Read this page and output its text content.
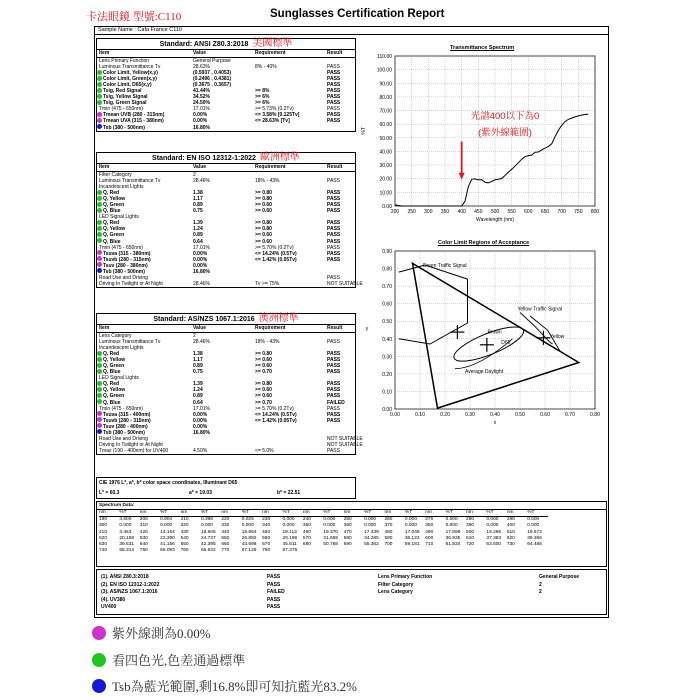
卡法眼鏡 型號:C110	Sunglasses Certification Report
Sample Name : Cafa France C110
Standard: ANSI Z80.3:2018 美國標準
Item	Value	Requirement	Result
Lens Primary Function	General Purpose
Luminous Transmittance Tv	28.63%	8% - 40%	PASS
Color Limit, Yellow(x,y)	(0.5937 , 0.4053)	PASS
Color Limit, Green(x,y)	(0.2496 , 0.4381)	PASS
Color Limit, D65(x,y)	(0.3675 , 0.3657)	PASS
Tsig, Red Signal	41.44%	>= 8%	PASS
Tsig, Yellow Signal	34.52%	>= 6%	PASS
Tsig, Green Signal	24.50%	>= 6%	PASS
Tmin (475 - 650nm)	17.01%	>= 5.73% (0.2Tv)	PASS
Tmean UVB (280 - 315nm)	0.00%	<= 3.58% [0.125Tv]	PASS
Tmean UVA (315 - 380nm)	0.00%	<= 28.63% [Tv]	PASS
Tsb (380 - 500nm)	16.80%
Standard: EN ISO 12312-1:2022 歐洲標準
Item	Value	Requirement	Result
Filter Category	2
Luminous Transmittance Tv	28.46%	18% - 43%	PASS
Incandescent Lights
Q, Red	1.38	>= 0.80	PASS
Q, Yellow	1.17	>= 0.80	PASS
Q, Green	0.89	>= 0.60	PASS
Q, Blue	0.75	>= 0.60	PASS
LED Signal Lights
Q, Red	1.39	>= 0.80	PASS
Q, Yellow	1.24	>= 0.80	PASS
Q, Green	0.89	>= 0.60	PASS
Q, Blue	0.64	>= 0.60	PASS
Tmin (475 - 650nm)	17.01%	>= 5.70% (0.2Tv)	PASS
Tsuva (315 - 380nm)	0.00%	<= 14.24% (0.5Tv)	PASS
Tsuvb (280 - 315nm)	0.00%	<= 1.42% (0.05Tv)	PASS
Tsuv (280 - 380nm)	0.00%
Tsb (380 - 500nm)	16.80%
Road Use and Driving	PASS
Driving In Twilight or At Night	28.46%	Tv >= 75%	NOT SUITABLE
Standard: AS/NZS 1067.1:2016 澳洲標準
Item	Value	Requirement	Result
Lens Category	2
Luminous Transmittance Tv	28.46%	18% - 43%	PASS
Incandescent Lights
Q, Red	1.38	>= 0.80	PASS
Q, Yellow	1.17	>= 0.60	PASS
Q, Green	0.89	>= 0.60	PASS
Q, Blue	0.75	>= 0.70	PASS
LED Signal Lights
Q, Red	1.39	>= 0.80	PASS
Q, Yellow	1.24	>= 0.60	PASS
Q, Green	0.89	>= 0.60	PASS
Q, Blue	0.64	>= 0.70	FAILED
Tmin (475 - 650nm)	17.01%	>= 5.70% (0.2Tv)	PASS
Tsuva (315 - 400nm)	0.00%	<= 14.24% (0.5Tv)	PASS
Tsuvb (280 - 315nm)	0.00%	<= 1.42% (0.05Tv)	PASS
Tsuv (280 - 400nm)	0.00%
Tsb (380 - 500nm)	16.80%
Road Use and Driving	NOT SUITABLE
Driving In Twilight or At Night	NOT SUITABLE
Tmax (190 - 400nm) for UV400	4.50%	<= 5.0%	PASS
CIE 1976 L*, a*, b* color space coordinates, Illuminant D65
L* = 60.3	a* = 19.03	b* = 22.51
Transmittance Spectrum
0.00
10.00
20.00
30.00
40.00
50.00
60.00
70.00
80.00
90.00
100.00
110.00
200 250 300 350 400 450 500 550 600 650 700 750 800
Wavelength (nm)
%T
光譜400以下為0
(紫外線範圍)
Color Limit Regions of Acceptance
0.00
0.10
0.20
0.30
0.40
0.50
0.60
0.70
0.80
0.90
0.00	0.10	0.20	0.30	0.40	0.50	0.60	0.70	0.80
x
y
Green Traffic Signal
Yellow Traffic Signal
Brown
D65
Yellow
Average Daylight
Spectrum Data:
nm	%T	nm	%T	nm	%T	nm	%T	nm	%T	nm	%T	nm	%T	nm	%T	nm	%T	nm	%T	nm	%T
190	4.600	200	0.904	210	0.398	220	0.025	230	0.000	240	0.000	250	0.000	260	0.000	270	0.000	280	0.000	290	0.000
300	0.000	310	0.000	320	0.000	330	0.000	340	0.000	350	0.000	360	0.000	370	0.000	380	0.000	390	0.000	400	0.000
410	3.463	420	14.164	430	19.605	440	19.864	450	19.113	460	19.370	470	17.439	480	17.046	490	17.898	500	19.266	510	19.672
520	20.159	530	22.390	540	24.737	550	26.882	560	29.196	570	31.659	580	34.285	590	36.123	600	36.935	610	37.363	620	39.366
630	39.631	640	41.156	650	42.395	660	43.698	670	45.611	680	50.768	690	55.362	700	59.181	710	61.834	720	63.500	730	64.486
740	65.314	750	66.093	760	66.632	770	67.129	780	67.375												
(1). ANSI Z80.3:2018	PASS
(2). EN ISO 12312-1:2022	PASS
(3). AS/NZS 1067.1:2016	FAILED
(4). UV380	PASS
UV400	PASS
Lens Primary Function	General Purpose
Filter Category	2
Lens Category	2
紫外線測為0.00%
看四色光,色差通過標準
Tsb為藍光範圍,剩16.8%即可知抗藍光83.2%
